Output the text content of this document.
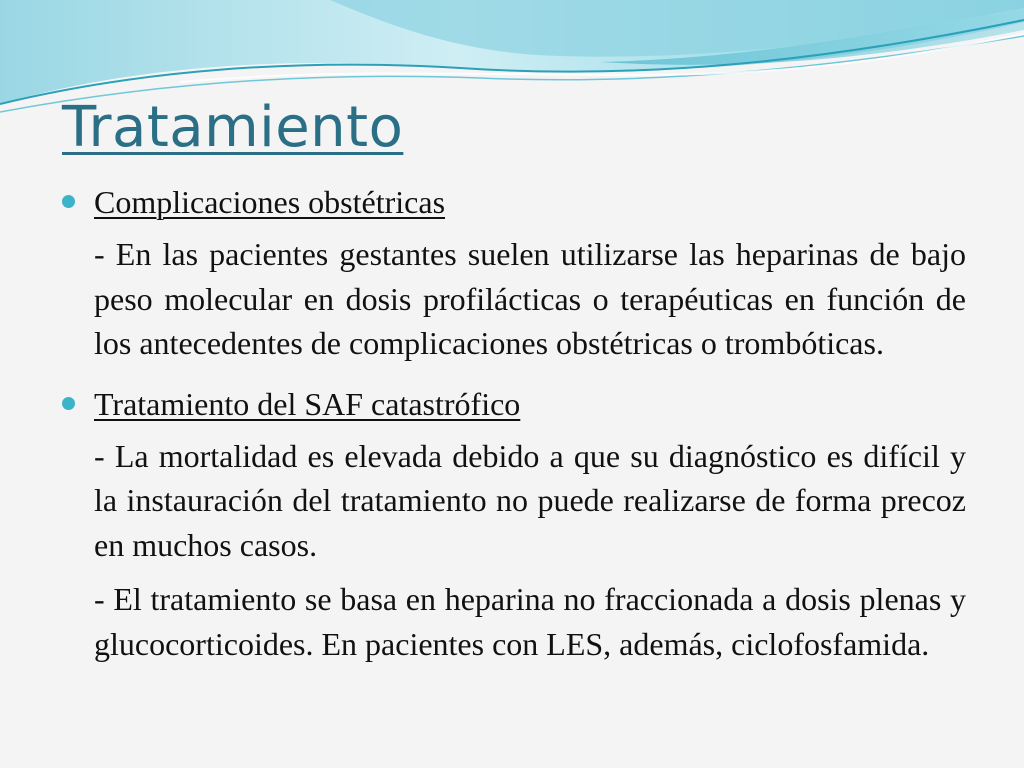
Tratamiento
Complicaciones obstétricas

- En las pacientes gestantes suelen utilizarse las heparinas de bajo peso molecular en dosis profilácticas o terapéuticas en función de los antecedentes de complicaciones obstétricas o trombóticas.

Tratamiento del SAF catastrófico

- La mortalidad es elevada debido a que su diagnóstico es difícil y la instauración del tratamiento no puede realizarse de forma precoz en muchos casos.

- El tratamiento se basa en heparina no fraccionada a dosis plenas y glucocorticoides. En pacientes con LES, además, ciclofosfamida.
